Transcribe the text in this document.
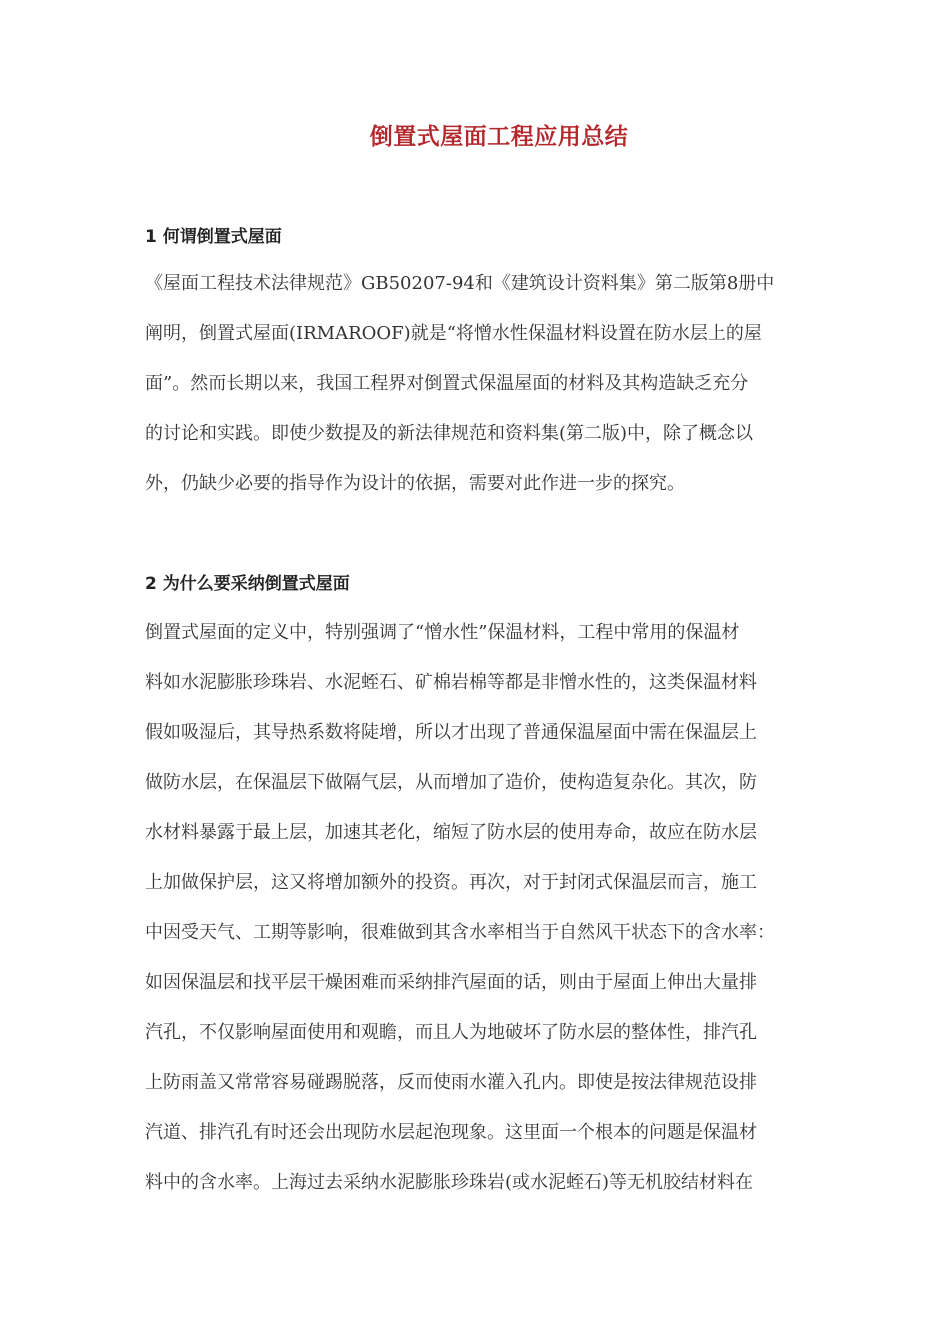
倒置式屋面工程应用总结
1 何谓倒置式屋面
《屋面工程技术法律规范》GB50207-94和《建筑设计资料集》第二版第8册中
阐明，倒置式屋面(IRMAROOF)就是“将憎水性保温材料设置在防水层上的屋
面”。然而长期以来，我国工程界对倒置式保温屋面的材料及其构造缺乏充分
的讨论和实践。即使少数提及的新法律规范和资料集(第二版)中，除了概念以
外，仍缺少必要的指导作为设计的依据，需要对此作进一步的探究。
2 为什么要采纳倒置式屋面
倒置式屋面的定义中，特别强调了“憎水性”保温材料，工程中常用的保温材
料如水泥膨胀珍珠岩、水泥蛭石、矿棉岩棉等都是非憎水性的，这类保温材料
假如吸湿后，其导热系数将陡增，所以才出现了普通保温屋面中需在保温层上
做防水层，在保温层下做隔气层，从而增加了造价，使构造复杂化。其次，防
水材料暴露于最上层，加速其老化，缩短了防水层的使用寿命，故应在防水层
上加做保护层，这又将增加额外的投资。再次，对于封闭式保温层而言，施工
中因受天气、工期等影响，很难做到其含水率相当于自然风干状态下的含水率：
如因保温层和找平层干燥困难而采纳排汽屋面的话，则由于屋面上伸出大量排
汽孔，不仅影响屋面使用和观瞻，而且人为地破坏了防水层的整体性，排汽孔
上防雨盖又常常容易碰踢脱落，反而使雨水灌入孔内。即使是按法律规范设排
汽道、排汽孔有时还会出现防水层起泡现象。这里面一个根本的问题是保温材
料中的含水率。上海过去采纳水泥膨胀珍珠岩(或水泥蛭石)等无机胶结材料在
